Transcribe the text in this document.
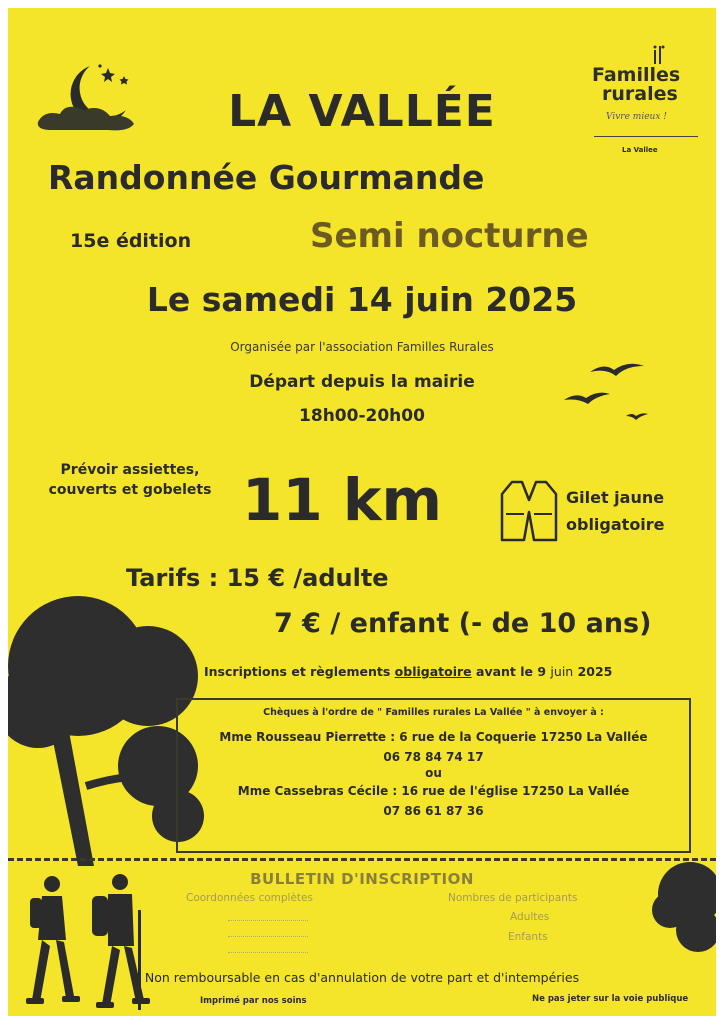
Familles
rurales
Vivre mieux !
La Vallee
LA VALLÉE
Randonnée Gourmande
15e édition	Semi nocturne
Le samedi 14 juin 2025
Organisée par l'association Familles Rurales
Départ depuis la mairie
18h00-20h00
Prévoir assiettes,
couverts et gobelets 11 km	Gilet jaune
obligatoire
Tarifs : 15 € /adulte
7 € / enfant (- de 10 ans)
Inscriptions et règlements obligatoire avant le 9 juin 2025
Chèques à l'ordre de " Familles rurales La Vallée " à envoyer à :
Mme Rousseau Pierrette : 6 rue de la Coquerie 17250 La Vallée
06 78 84 74 17
ou
Mme Cassebras Cécile : 16 rue de l'église 17250 La Vallée
07 86 61 87 36
BULLETIN D'INSCRIPTION
Coordonnées complètes	Nombres de participants
Adultes
Enfants
Non remboursable en cas d'annulation de votre part et d'intempéries
Imprimé par nos soins	Ne pas jeter sur la voie publique
